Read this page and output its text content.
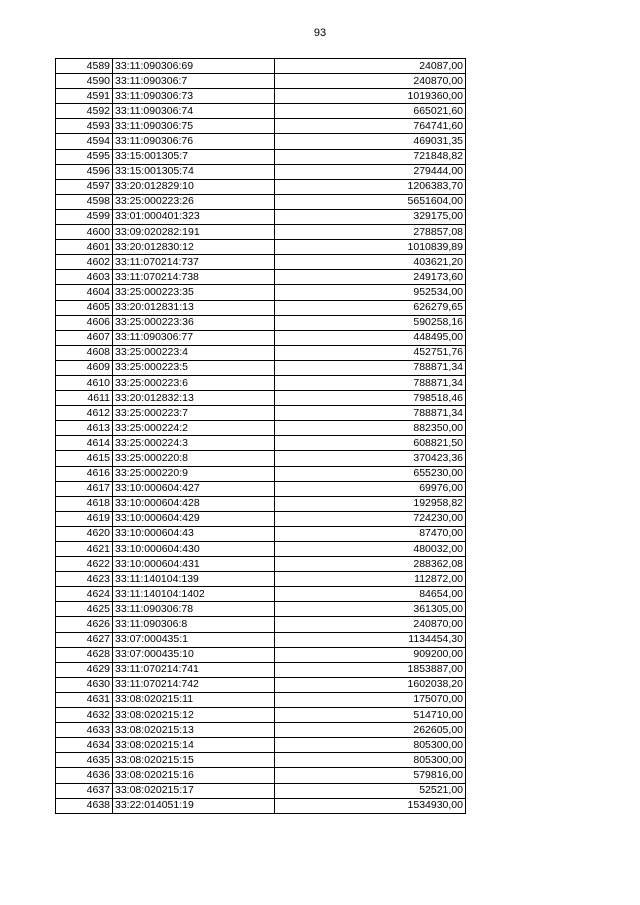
93
4589	33:11:090306:69	24087,00
4590	33:11:090306:7	240870,00
4591	33:11:090306:73	1019360,00
4592	33:11:090306:74	665021,60
4593	33:11:090306:75	764741,60
4594	33:11:090306:76	469031,35
4595	33:15:001305:7	721848,82
4596	33:15:001305:74	279444,00
4597	33:20:012829:10	1206383,70
4598	33:25:000223:26	5651604,00
4599	33:01:000401:323	329175,00
4600	33:09:020282:191	278857,08
4601	33:20:012830:12	1010839,89
4602	33:11:070214:737	403621,20
4603	33:11:070214:738	249173,60
4604	33:25:000223:35	952534,00
4605	33:20:012831:13	626279,65
4606	33:25:000223:36	590258,16
4607	33:11:090306:77	448495,00
4608	33:25:000223:4	452751,76
4609	33:25:000223:5	788871,34
4610	33:25:000223:6	788871,34
4611	33:20:012832:13	798518,46
4612	33:25:000223:7	788871,34
4613	33:25:000224:2	882350,00
4614	33:25:000224:3	608821,50
4615	33:25:000220:8	370423,36
4616	33:25:000220:9	655230,00
4617	33:10:000604:427	69976,00
4618	33:10:000604:428	192958,82
4619	33:10:000604:429	724230,00
4620	33:10:000604:43	87470,00
4621	33:10:000604:430	480032,00
4622	33:10:000604:431	288362,08
4623	33:11:140104:139	112872,00
4624	33:11:140104:1402	84654,00
4625	33:11:090306:78	361305,00
4626	33:11:090306:8	240870,00
4627	33:07:000435:1	1134454,30
4628	33:07:000435:10	909200,00
4629	33:11:070214:741	1853887,00
4630	33:11:070214:742	1602038,20
4631	33:08:020215:11	175070,00
4632	33:08:020215:12	514710,00
4633	33:08:020215:13	262605,00
4634	33:08:020215:14	805300,00
4635	33:08:020215:15	805300,00
4636	33:08:020215:16	579816,00
4637	33:08:020215:17	52521,00
4638	33:22:014051:19	1534930,00
